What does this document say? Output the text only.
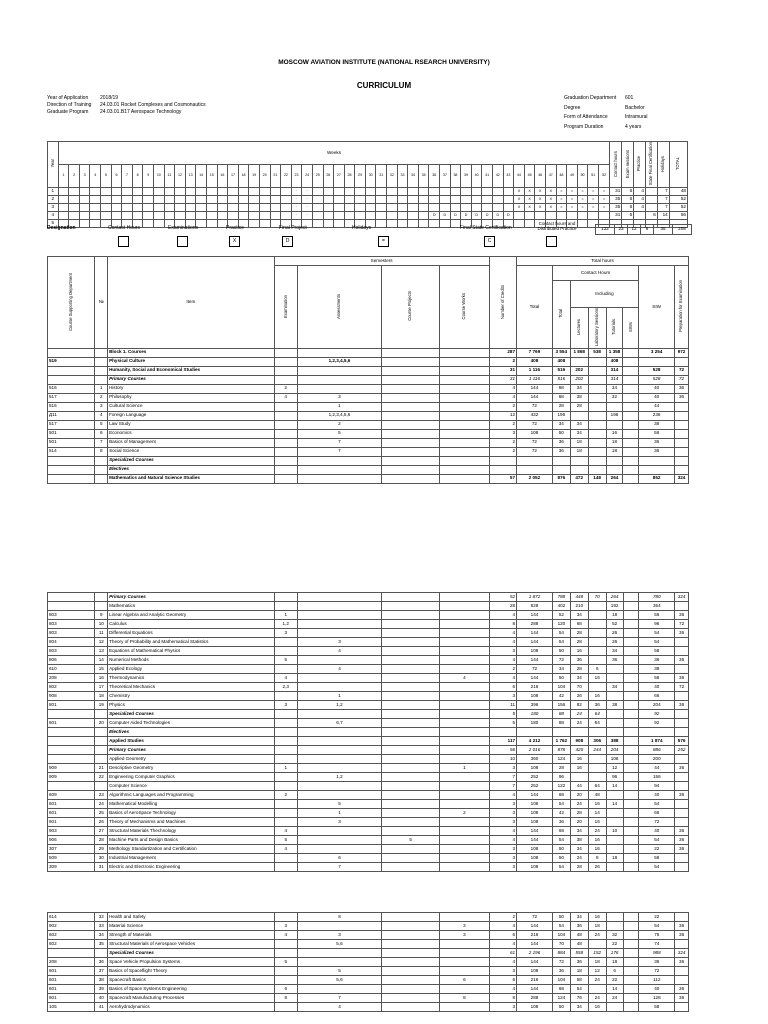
MOSCOW AVIATION INSTITUTE (NATIONAL RSEARCH UNIVERSITY)
CURRICULUM
Year of Application 2018/19
Direction of Training 24.03.01 Rocket Complexes and Cosmonautics
Graduate Program 24.03.01.B17 Aerospace Technology
Graduation Department 601
Degree	Bachelor
Form of Attendance	Intramural
Program Duration	4 years
Year	Weeks																																																				Contact hours	Exam sessions	Practice	State Final Certification	Holidays	TOTAL
	1	2	3	4	5	6	7	8	9	10	11	12	13	14	15	16	17	18	19	20	21	22	23	24	25	26	27	28	29	30	31	32	33	34	35	36	37	38	39	40	41	42	43	44	45	46	47	48	49	50	51	52						
1																							·	·																				X	X	X	X	=	=	=	=	=	31	6	4		7	48
2																							·	·																				X	X	X	X	=	=	=	=	=	35	6	4		7	52
3																							·	·																				X	X	X	X	=	=	=	=	=	35	6	4		7	52
4																							·	·												D	D	D	D	D	D	D	D										31	5		6	14	56
5																																																										
Designation	Contact Hours	Examinations	Practice
X
Final Project
D
Holidays
=
Final State Certification
C
Contact hours and Distributed Practice	132	23	12	6	35	208
Course Supporting Department	№	Item	Semesters				Number of Credits	Total hours							
			Examination	Assessments	Course Projects	Course Works		Total	Contact Hours					SIW	Preparation for Examination
									Total	Including					
										Lectures	Laboratory Sessions	Tutorials	SIWs		
		Block 1. Courses					287	7 769	3 554	1 868	538	1 358		3 254	972
519		Physical Culture		1,2,3,4,5,6			2	408	408			408			
		Humanity, Social and Economical Studies					31	1 116	516	202		314		528	72
		Primary Courses					31	1 116	516	202		314		528	72
516	1	History	2				4	144	68	34		34		40	36
517	2	Philosophy	4	3			4	144	68	38		32		40	36
516	3	Cultural Science		1			2	72	28	28				44	
Д11	4	Foreign Language		1,2,3,4,5,6			12	432	196			196		236	
517	5	Law Study		2			2	72	34	34				38	
501	6	Economics		5			3	108	50	34		16		58	
501	7	Basics of Management		7			2	72	36	18		18		36	
514	8	Social Science		7			2	72	36	18		18		36	
		Specialized Courses													
		Electives													
		Mathematics and Natural Science Studies					57	2 052	876	472	148	264		852	324
		Primary Courses					52	1 872	788	448	70	264		780	324
		Mathematics					28	828	402	210		192		354	
803	9	Linear Algebra and Analytic Geometry	1				4	144	52	34		18		56	36
803	10	Calculus	1,2				8	288	120	68		52		96	72
803	11	Differential Equations	3				4	144	54	28		26		54	36
804	12	Theory of Probability and Mathematical Statistics		3			4	144	54	28		26		54	
803	13	Equations of Mathematical Physics		4			3	108	50	16		34		58	
806	14	Numerical Methods	5				4	144	72	36		36		36	36
610	15	Applied Ecology		4			2	72	34	28	6			38	
208	16	Thermodynamics	4			4	4	144	50	34	16			58	36
802	17	Theoretical Mechanics	2,3				6	216	104	70		34		40	72
908	18	Chemistry		1			3	108	42	26	16			66	
801	19	Physics	3	1,2			11	396	156	82	36	38		204	36
		Specialized Courses					5	180	88	24	64			92	
601	20	Computer Aided Technologies		6,7			5	180	88	24	64			92	
		Electives													
		Applied Studies					117	4 212	1 762	908	306	388		1 874	576
		Primary Courses					56	2 016	878	420	244	204		886	252
		Applied Geometry					10	360	124	16		108		200	
909	21	Descriptive Geometry	1			1	3	108	28	16		12		44	36
909	22	Engineering Computer Graphics		1,2			7	252	96			96		156	
		Computer Science					7	252	122	44	64	14		94	
609	23	Algorithmic Languages and Programming	2				4	144	68	20	48			40	36
601	24	Mathematical Modelling		5			3	108	54	24	16	14		54	
601	25	Basics of AeroSpace Technology		1		2	3	108	42	28	14			66	
601	26	Theory of Mechanisms and Machines		3			3	108	36	20	16			72	
903	27	Structural Materials Thechnology	4				4	144	68	34	24	10		40	36
906	28	Machine Parts and Design Basics	5		5		4	144	54	38	16			54	36
307	29	Methology Standartization and Certification	4				3	108	50	34	16			22	36
509	30	Industrial Management		6			3	108	50	24	8	18		58	
309	31	Electric and Electronic Engineering		7			3	108	54	28	26			54	
614	32	Health and Safety		8			2	72	50	34	16			22	
902	33	Material Science	3			3	4	144	54	36	18			54	36
602	34	Strength of Materials	4	3		3	6	216	104	48	24	32		76	36
602	35	Structural Materials of Aerospace Vehicles		5,6			4	144	70	48		22		74	
		Specialized Courses					61	2 196	884	558	152	176		988	324
208	36	Space Vehicle Propulsion Systems	5				4	144	72	36	18	18		36	36
601	37	Basics of Spaceflight Theory		5			3	108	36	18	12	6		72	
601	38	Spacecraft Basics		5,6		6	6	216	104	58	24	22		112	
601	39	Basics of Space Systems Engineering	6				4	144	68	54		14		40	36
601	40	Spacecraft Manufacturing Processes	8	7		8	8	288	124	76	24	24		128	36
105	41	Aerohydrodynamics		4			3	108	50	34	16			58	
